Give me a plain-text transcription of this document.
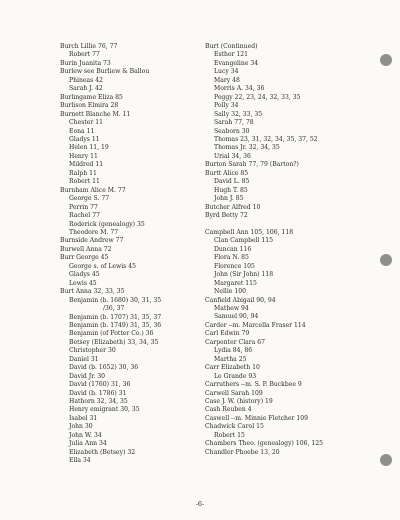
Burch Lillie 76, 77
Robert 77
Burin Juanita 73
Burlew see Burliew & Ballou
Phineas 42
Sarah J. 42
Burlingame Eliza 85
Burlison Elmira 28
Burnett Blanche M. 11
Chester 11
Eona 11
Gladys 11
Helen 11, 19
Henry 11
Mildred 11
Ralph 11
Robert 11
Burnham Alice M. 77
George S. 77
Perrin 77
Rachel 77
Roderick (genealogy) 35
Theodore M. 77
Burnside Andrew 77
Burwell Anna 72
Burr George 45
George s. of Lewis 45
Gladys 45
Lewis 45
Burt Anna 32, 33, 35
Benjamin (b. 1680) 30, 31, 35
/36, 37
Benjamin (b. 1707) 31, 35, 37
Benjamin (b. 1749) 31, 35, 36
Benjamin (of Potter Co.) 36
Betsey (Elizabeth) 33, 34, 35
Christopher 30
Daniel 31
David (b. 1652) 30, 36
David Jr. 30
David (1760) 31, 36
David (b. 1786) 31
Hathorn 32, 34, 35
Henry emigrant 30, 35
Isabel 31
John 30
John W. 34
Julia Ann 34
Elizabeth (Betsey) 32
Ella 34
Burt (Continued)
Esther 121
Evangeline 34
Lucy 34
Mary 48
Morris A. 34, 36
Peggy 22, 23, 24, 32, 33, 35
Polly 34
Sally 32, 33, 35
Sarah 77, 78
Seaborn 30
Thomas 23, 31, 32, 34, 35, 37, 52
Thomas Jr. 32, 34, 35
Urial 34, 36
Burton Sarah 77, 79 (Barton?)
Burtt Alice 85
David L. 85
Hugh T. 85
John J. 85
Butcher Alfred 10
Byrd Betty 72
Campbell Ann 105, 106, 118
Clan Campbell 115
Duncan 116
Flora N. 85
Florence 105
John (Sir John) 118
Margaret 115
Nellie 100
Canfield Abigail 90, 94
Mathew 94
Samuel 90, 94
Carder --m. Marcella Fraser 114
Carl Edwin 79
Carpenter Clara 67
Lydia 84, 86
Martha 25
Carr Elizabeth 10
Le Grande 93
Carruthers --m. S. P. Buckbee 9
Carwell Sarah 109
Case J. W. (history) 19
Cash Reuben 4
Caswell --m. Minnie Fletcher 109
Chadwick Carol 15
Robert 15
Chambers Theo. (genealogy) 106, 125
Chandler Phoebe 13, 20
-6-
